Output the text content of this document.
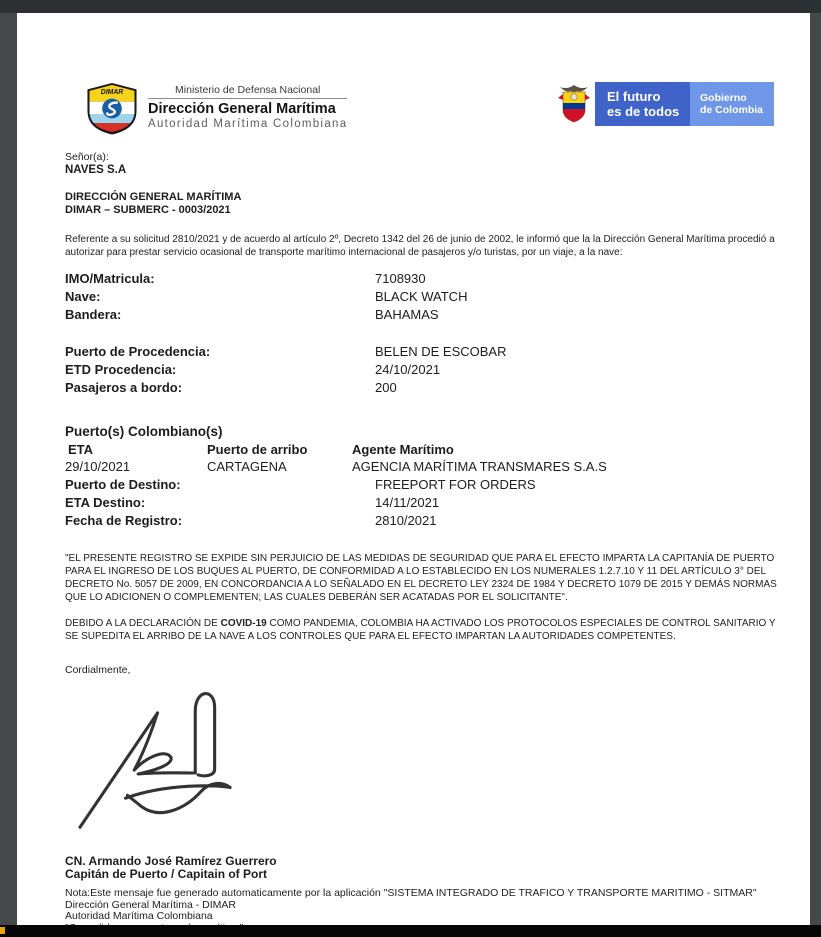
DIMAR	Ministerio de Defensa Nacional
Dirección General Marítima
Autoridad Marítima Colombiana
El futuro
es de todos
Gobierno
de Colombia
Señor(a):
NAVES S.A
DIRECCIÓN GENERAL MARÍTIMA
DIMAR – SUBMERC - 0003/2021
Referente a su solicitud 2810/2021 y de acuerdo al artículo 2º, Decreto 1342 del 26 de junio de 2002, le informó que la la Dirección General Marítima procedió a autorizar para prestar servicio ocasional de transporte marítimo internacional de pasajeros y/o turistas, por un viaje, a la nave:
IMO/Matricula:	7108930
Nave:	BLACK WATCH
Bandera:	BAHAMAS
Puerto de Procedencia:	BELEN DE ESCOBAR
ETD Procedencia:	24/10/2021
Pasajeros a bordo:	200
Puerto(s) Colombiano(s)
ETA	Puerto de arribo	Agente Marítimo
29/10/2021	CARTAGENA	AGENCIA MARÍTIMA TRANSMARES S.A.S
Puerto de Destino:	FREEPORT FOR ORDERS
ETA Destino:	14/11/2021
Fecha de Registro:	2810/2021
"EL PRESENTE REGISTRO SE EXPIDE SIN PERJUICIO DE LAS MEDIDAS DE SEGURIDAD QUE PARA EL EFECTO IMPARTA LA CAPITANÍA DE PUERTO PARA EL INGRESO DE LOS BUQUES AL PUERTO, DE CONFORMIDAD A LO ESTABLECIDO EN LOS NUMERALES 1.2.7.10 Y 11 DEL ARTÍCULO 3° DEL DECRETO No. 5057 DE 2009, EN CONCORDANCIA A LO SEÑALADO EN EL DECRETO LEY 2324 DE 1984 Y DECRETO 1079 DE 2015 Y DEMÁS NORMAS QUE LO ADICIONEN O COMPLEMENTEN; LAS CUALES DEBERÁN SER ACATADAS POR EL SOLICITANTE".
DEBIDO A LA DECLARACIÓN DE COVID-19 COMO PANDEMIA, COLOMBIA HA ACTIVADO LOS PROTOCOLOS ESPECIALES DE CONTROL SANITARIO Y SE SUPEDITA EL ARRIBO DE LA NAVE A LOS CONTROLES QUE PARA EL EFECTO IMPARTAN LA AUTORIDADES COMPETENTES.
Cordialmente,
CN. Armando José Ramírez Guerrero
Capitán de Puerto / Capitain of Port
Nota:Este mensaje fue generado automaticamente por la aplicación "SISTEMA INTEGRADO DE TRAFICO Y TRANSPORTE MARITIMO - SITMAR"
Dirección General Marítima - DIMAR
Autoridad Marítima Colombiana
